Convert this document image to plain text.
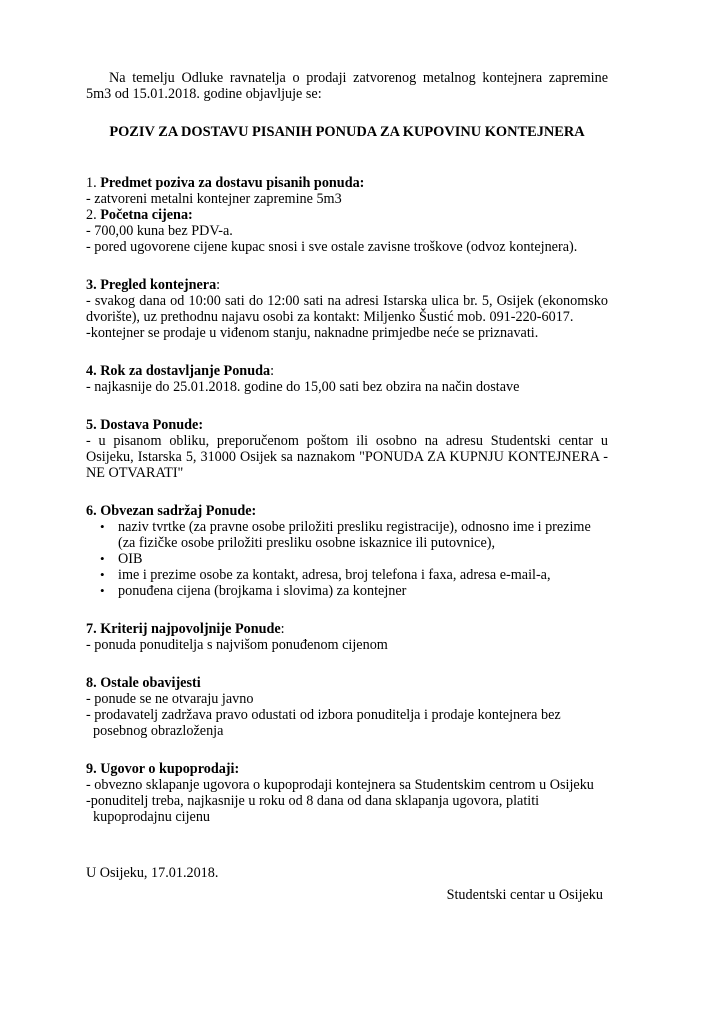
Na temelju Odluke ravnatelja o prodaji zatvorenog metalnog kontejnera zapremine 5m3 od 15.01.2018. godine objavljuje se:

POZIV ZA DOSTAVU PISANIH PONUDA ZA KUPOVINU KONTEJNERA

1. Predmet poziva za dostavu pisanih ponuda:

- zatvoreni metalni kontejner zapremine 5m3

2. Početna cijena:

- 700,00 kuna bez PDV-a.

- pored ugovorene cijene kupac snosi i sve ostale zavisne troškove (odvoz kontejnera).

3. Pregled kontejnera:

- svakog dana od 10:00 sati do 12:00 sati na adresi Istarska ulica br. 5, Osijek (ekonomsko dvorište), uz prethodnu najavu osobi za kontakt: Miljenko Šustić mob. 091-220-6017.

-kontejner se prodaje u viđenom stanju, naknadne primjedbe neće se priznavati.

4. Rok za dostavljanje Ponuda:

- najkasnije do 25.01.2018. godine do 15,00 sati bez obzira na način dostave

5. Dostava Ponude:

- u pisanom obliku, preporučenom poštom ili osobno na adresu Studentski centar u Osijeku, Istarska 5, 31000 Osijek sa naznakom "PONUDA ZA KUPNJU KONTEJNERA - NE OTVARATI"

6. Obvezan sadržaj Ponude:

• naziv tvrtke (za pravne osobe priložiti presliku registracije), odnosno ime i prezime (za fizičke osobe priložiti presliku osobne iskaznice ili putovnice),
• OIB
• ime i prezime osobe za kontakt, adresa, broj telefona i faxa, adresa e-mail-a,
• ponuđena cijena (brojkama i slovima) za kontejner

7. Kriterij najpovoljnije Ponude:

- ponuda ponuditelja s najvišom ponuđenom cijenom

8. Ostale obavijesti

- ponude se ne otvaraju javno

- prodavatelj zadržava pravo odustati od izbora ponuditelja i prodaje kontejnera bez posebnog obrazloženja

9. Ugovor o kupoprodaji:

- obvezno sklapanje ugovora o kupoprodaji kontejnera sa Studentskim centrom u Osijeku

-ponuditelj treba, najkasnije u roku od 8 dana od dana sklapanja ugovora, platiti kupoprodajnu cijenu

U Osijeku, 17.01.2018.

Studentski centar u Osijeku
